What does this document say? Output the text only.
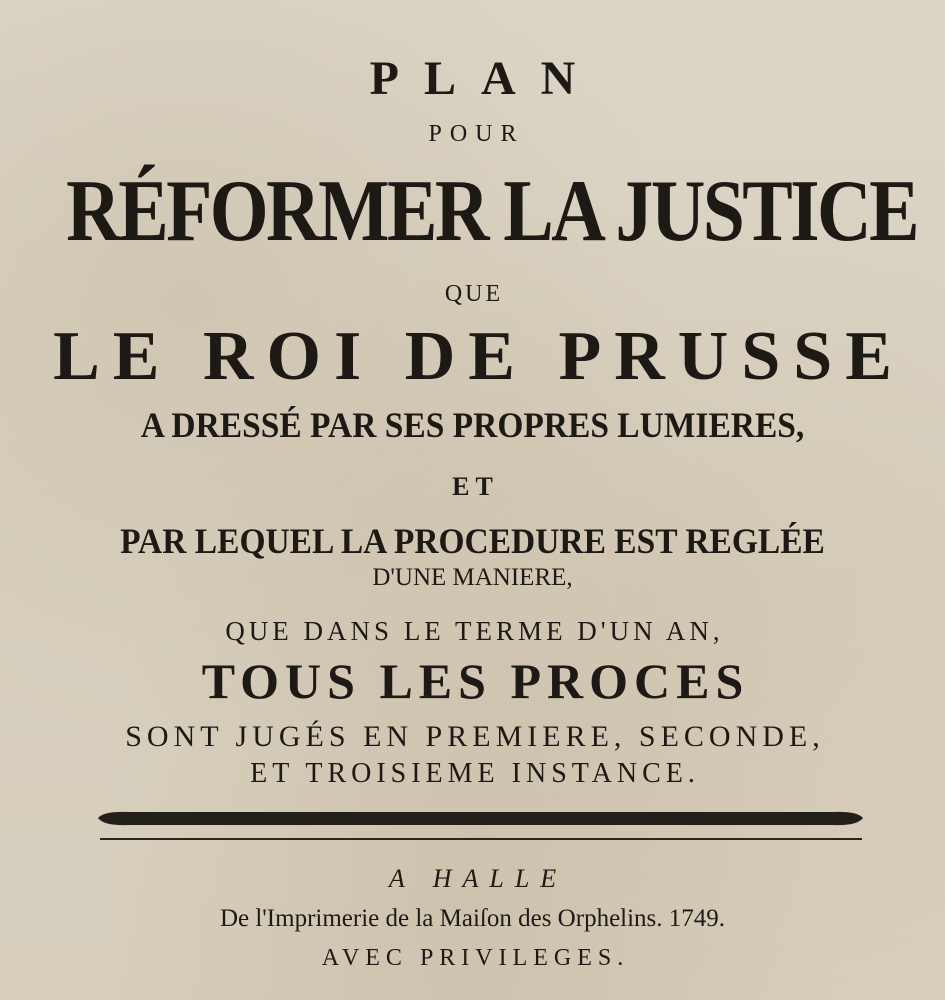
PLAN

POUR

RÉFORMER LA JUSTICE

QUE

LE ROI DE PRUSSE

A DRESSÉ PAR SES PROPRES LUMIERES,

ET

PAR LEQUEL LA PROCEDURE EST REGLÉE

D'UNE MANIERE,

QUE DANS LE TERME D'UN AN,

TOUS LES PROCES

SONT JUGÉS EN PREMIERE, SECONDE,

ET TROISIEME INSTANCE.

A HALLE

De l'Imprimerie de la Maiſon des Orphelins. 1749.

AVEC PRIVILEGES.
